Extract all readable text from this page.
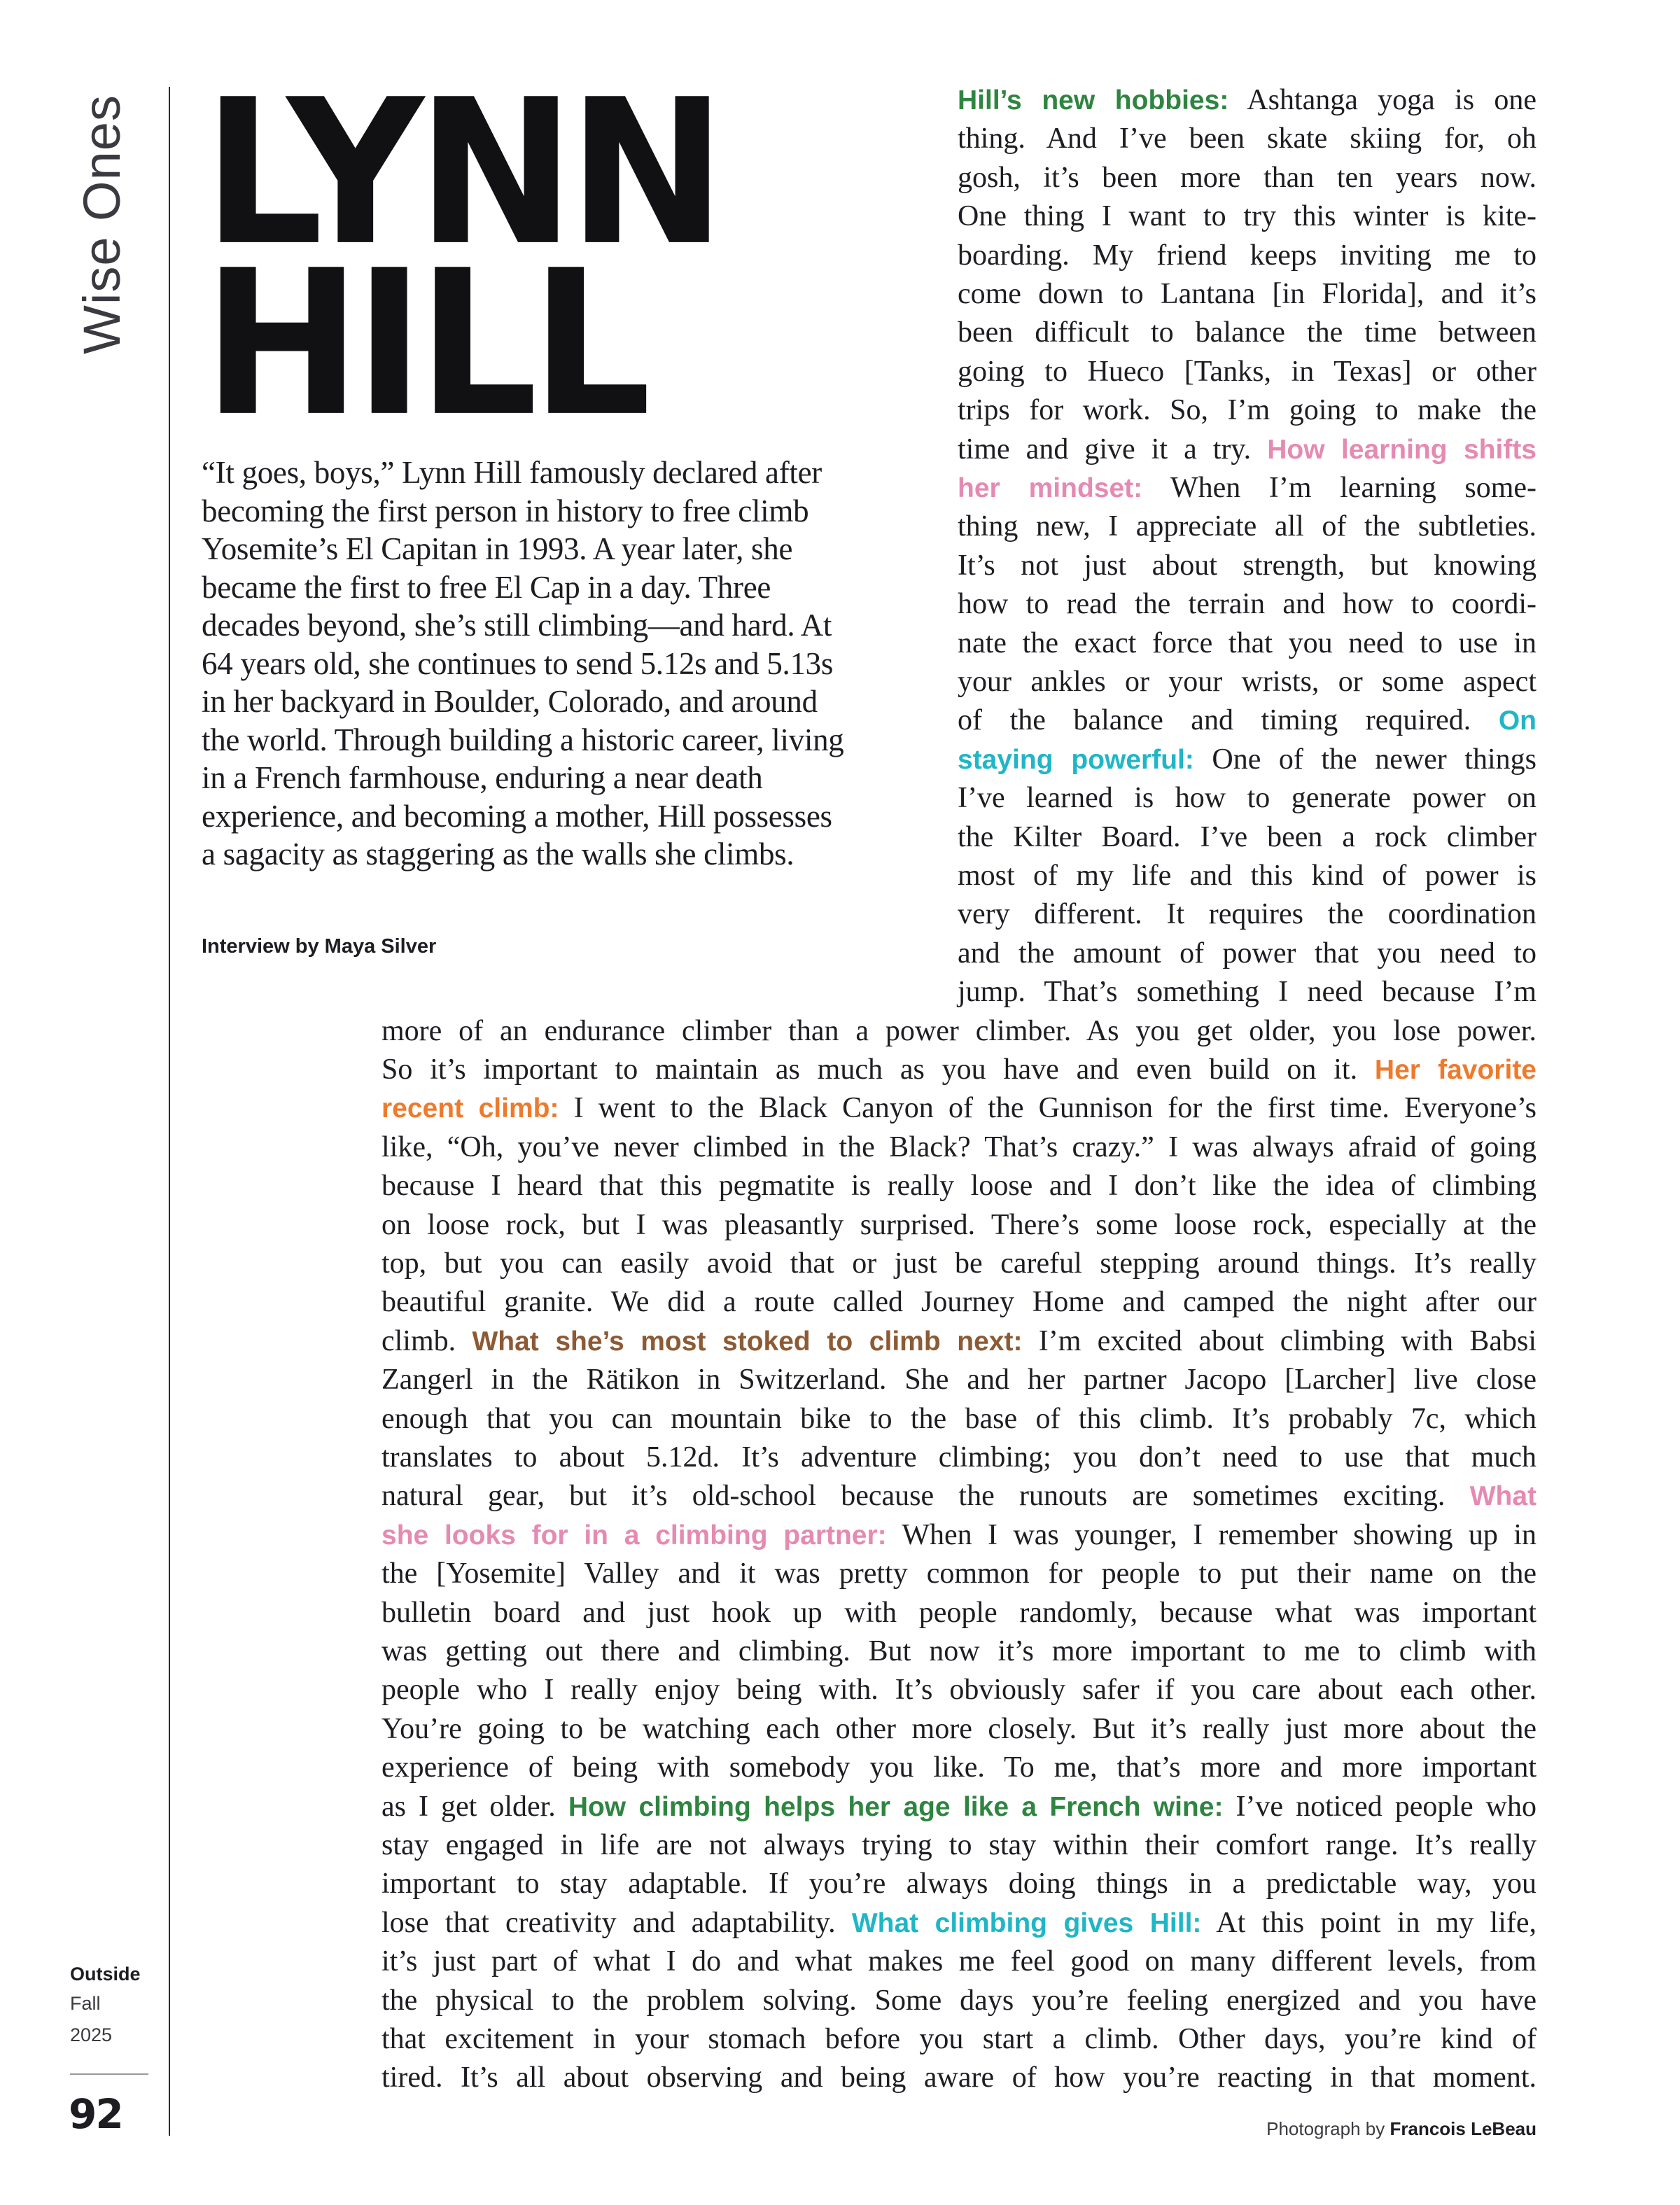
Wise Ones LYNN
HILL

“It goes, boys,” Lynn Hill famously declared after becoming the first person in history to free climb Yosemite’s El Capitan in 1993. A year later, she became the first to free El Cap in a day. Three decades beyond, she’s still climbing—and hard. At 64 years old, she continues to send 5.12s and 5.13s in her backyard in Boulder, Colorado, and around the world. Through building a historic career, living in a French farmhouse, enduring a near death experience, and becoming a mother, Hill possesses a sagacity as staggering as the walls she climbs.

Interview by Maya Silver
Hill’s new hobbies: Ashtanga yoga is one
thing. And I’ve been skate skiing for, oh
gosh, it’s been more than ten years now.
One thing I want to try this winter is kite-
boarding. My friend keeps inviting me to
come down to Lantana [in Florida], and it’s
been difficult to balance the time between
going to Hueco [Tanks, in Texas] or other
trips for work. So, I’m going to make the
time and give it a try. How learning shifts
her mindset: When I’m learning some-
thing new, I appreciate all of the subtleties.
It’s not just about strength, but knowing
how to read the terrain and how to coordi-
nate the exact force that you need to use in
your ankles or your wrists, or some aspect
of the balance and timing required. On
staying powerful: One of the newer things
I’ve learned is how to generate power on
the Kilter Board. I’ve been a rock climber
most of my life and this kind of power is
very different. It requires the coordination
and the amount of power that you need to
jump. That’s something I need because I’m
more of an endurance climber than a power climber. As you get older, you lose power.
So it’s important to maintain as much as you have and even build on it. Her favorite
recent climb: I went to the Black Canyon of the Gunnison for the first time. Everyone’s
like, “Oh, you’ve never climbed in the Black? That’s crazy.” I was always afraid of going
because I heard that this pegmatite is really loose and I don’t like the idea of climbing
on loose rock, but I was pleasantly surprised. There’s some loose rock, especially at the
top, but you can easily avoid that or just be careful stepping around things. It’s really
beautiful granite. We did a route called Journey Home and camped the night after our
climb. What she’s most stoked to climb next: I’m excited about climbing with Babsi
Zangerl in the Rätikon in Switzerland. She and her partner Jacopo [Larcher] live close
enough that you can mountain bike to the base of this climb. It’s probably 7c, which
translates to about 5.12d. It’s adventure climbing; you don’t need to use that much
natural gear, but it’s old-school because the runouts are sometimes exciting. What
she looks for in a climbing partner: When I was younger, I remember showing up in
the [Yosemite] Valley and it was pretty common for people to put their name on the
bulletin board and just hook up with people randomly, because what was important
was getting out there and climbing. But now it’s more important to me to climb with
people who I really enjoy being with. It’s obviously safer if you care about each other.
You’re going to be watching each other more closely. But it’s really just more about the
experience of being with somebody you like. To me, that’s more and more important
as I get older. How climbing helps her age like a French wine: I’ve noticed people who
stay engaged in life are not always trying to stay within their comfort range. It’s really
important to stay adaptable. If you’re always doing things in a predictable way, you
lose that creativity and adaptability. What climbing gives Hill: At this point in my life,
it’s just part of what I do and what makes me feel good on many different levels, from
the physical to the problem solving. Some days you’re feeling energized and you have
that excitement in your stomach before you start a climb. Other days, you’re kind of
tired. It’s all about observing and being aware of how you’re reacting in that moment.
Outside
Fall
2025
92	Photograph by Francois LeBeau
